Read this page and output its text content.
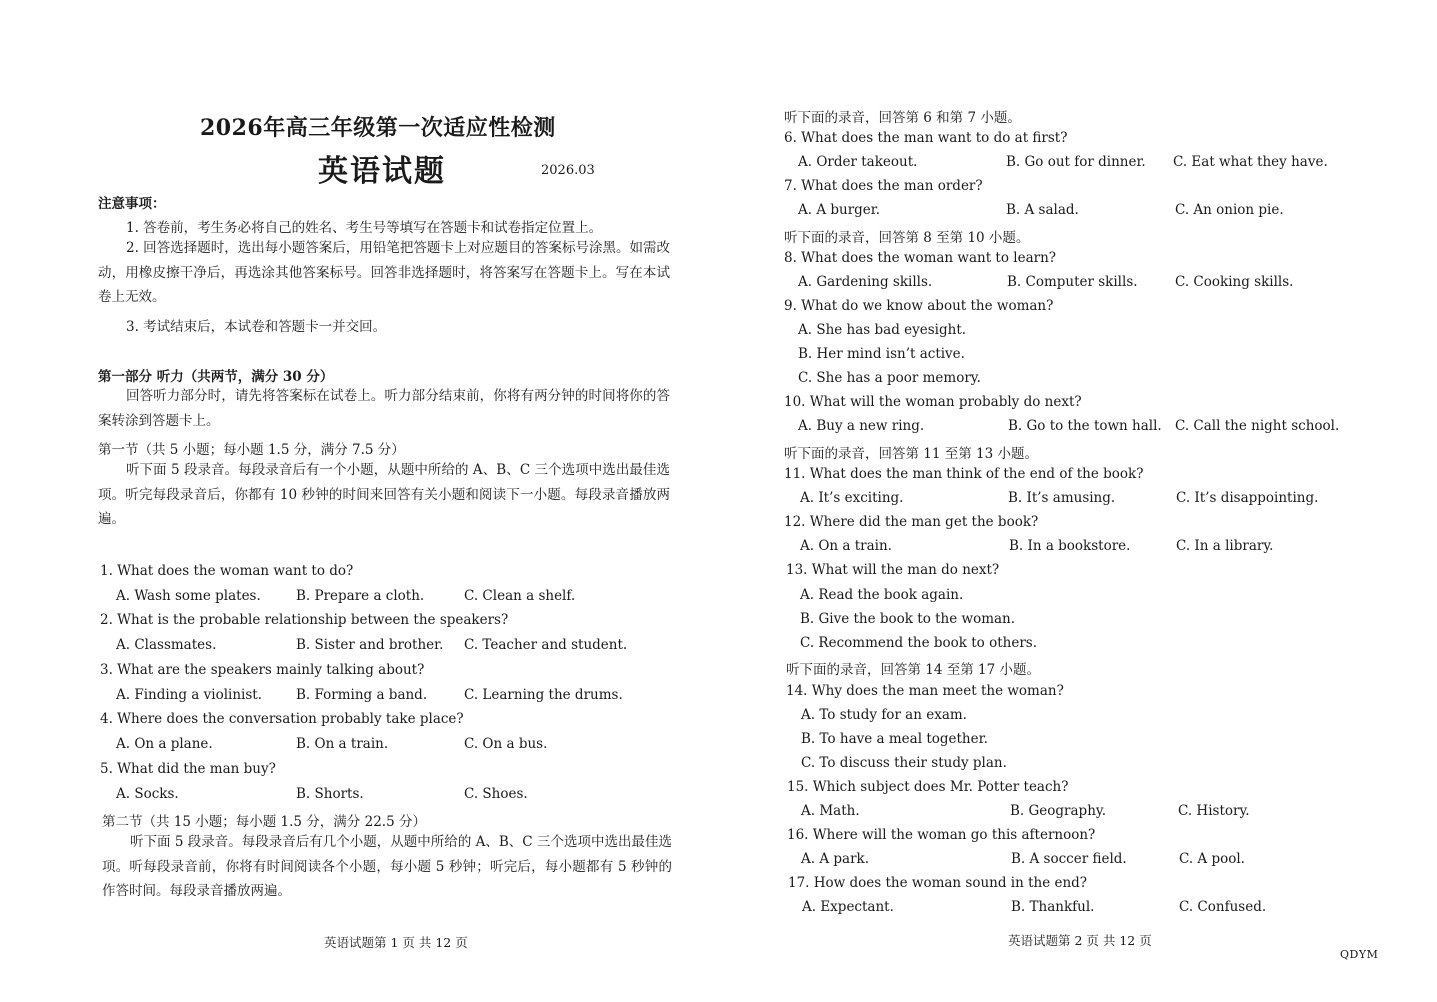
2026年高三年级第一次适应性检测
英语试题	2026.03
注意事项：
1. 答卷前，考生务必将自己的姓名、考生号等填写在答题卡和试卷指定位置上。
2. 回答选择题时，选出每小题答案后，用铅笔把答题卡上对应题目的答案标号涂黑。如需改动，用橡皮擦干净后，再选涂其他答案标号。回答非选择题时，将答案写在答题卡上。写在本试卷上无效。
3. 考试结束后，本试卷和答题卡一并交回。
第一部分 听力（共两节，满分 30 分）
回答听力部分时，请先将答案标在试卷上。听力部分结束前，你将有两分钟的时间将你的答案转涂到答题卡上。
第一节（共 5 小题；每小题 1.5 分，满分 7.5 分）
听下面 5 段录音。每段录音后有一个小题，从题中所给的 A、B、C 三个选项中选出最佳选项。听完每段录音后，你都有 10 秒钟的时间来回答有关小题和阅读下一小题。每段录音播放两遍。
1. What does the woman want to do?
A. Wash some plates.	B. Prepare a cloth.	C. Clean a shelf.
2. What is the probable relationship between the speakers?
A. Classmates.	B. Sister and brother. C. Teacher and student.
3. What are the speakers mainly talking about?
A. Finding a violinist.	B. Forming a band.	C. Learning the drums.
4. Where does the conversation probably take place?
A. On a plane.	B. On a train.	C. On a bus.
5. What did the man buy?
A. Socks.	B. Shorts.	C. Shoes.
第二节（共 15 小题；每小题 1.5 分，满分 22.5 分）
听下面 5 段录音。每段录音后有几个小题，从题中所给的 A、B、C 三个选项中选出最佳选项。听每段录音前，你将有时间阅读各个小题，每小题 5 秒钟；听完后，每小题都有 5 秒钟的作答时间。每段录音播放两遍。
英语试题第 1 页 共 12 页
听下面的录音，回答第 6 和第 7 小题。
6. What does the man want to do at first?
A. Order takeout.	B. Go out for dinner. C. Eat what they have.
7. What does the man order?
A. A burger.	B. A salad.	C. An onion pie.
听下面的录音，回答第 8 至第 10 小题。
8. What does the woman want to learn?
A. Gardening skills.	B. Computer skills.	C. Cooking skills.
9. What do we know about the woman?
A. She has bad eyesight.
B. Her mind isn’t active.
C. She has a poor memory.
10. What will the woman probably do next?
A. Buy a new ring.	B. Go to the town hall. C. Call the night school.
听下面的录音，回答第 11 至第 13 小题。
11. What does the man think of the end of the book?
A. It’s exciting.	B. It’s amusing.	C. It’s disappointing.
12. Where did the man get the book?
A. On a train.	B. In a bookstore.	C. In a library.
13. What will the man do next?
A. Read the book again.
B. Give the book to the woman.
C. Recommend the book to others.
听下面的录音，回答第 14 至第 17 小题。
14. Why does the man meet the woman?
A. To study for an exam.
B. To have a meal together.
C. To discuss their study plan.
15. Which subject does Mr. Potter teach?
A. Math.	B. Geography.	C. History.
16. Where will the woman go this afternoon?
A. A park.	B. A soccer field.	C. A pool.
17. How does the woman sound in the end?
A. Expectant.	B. Thankful.	C. Confused.
英语试题第 2 页 共 12 页
QDYM
